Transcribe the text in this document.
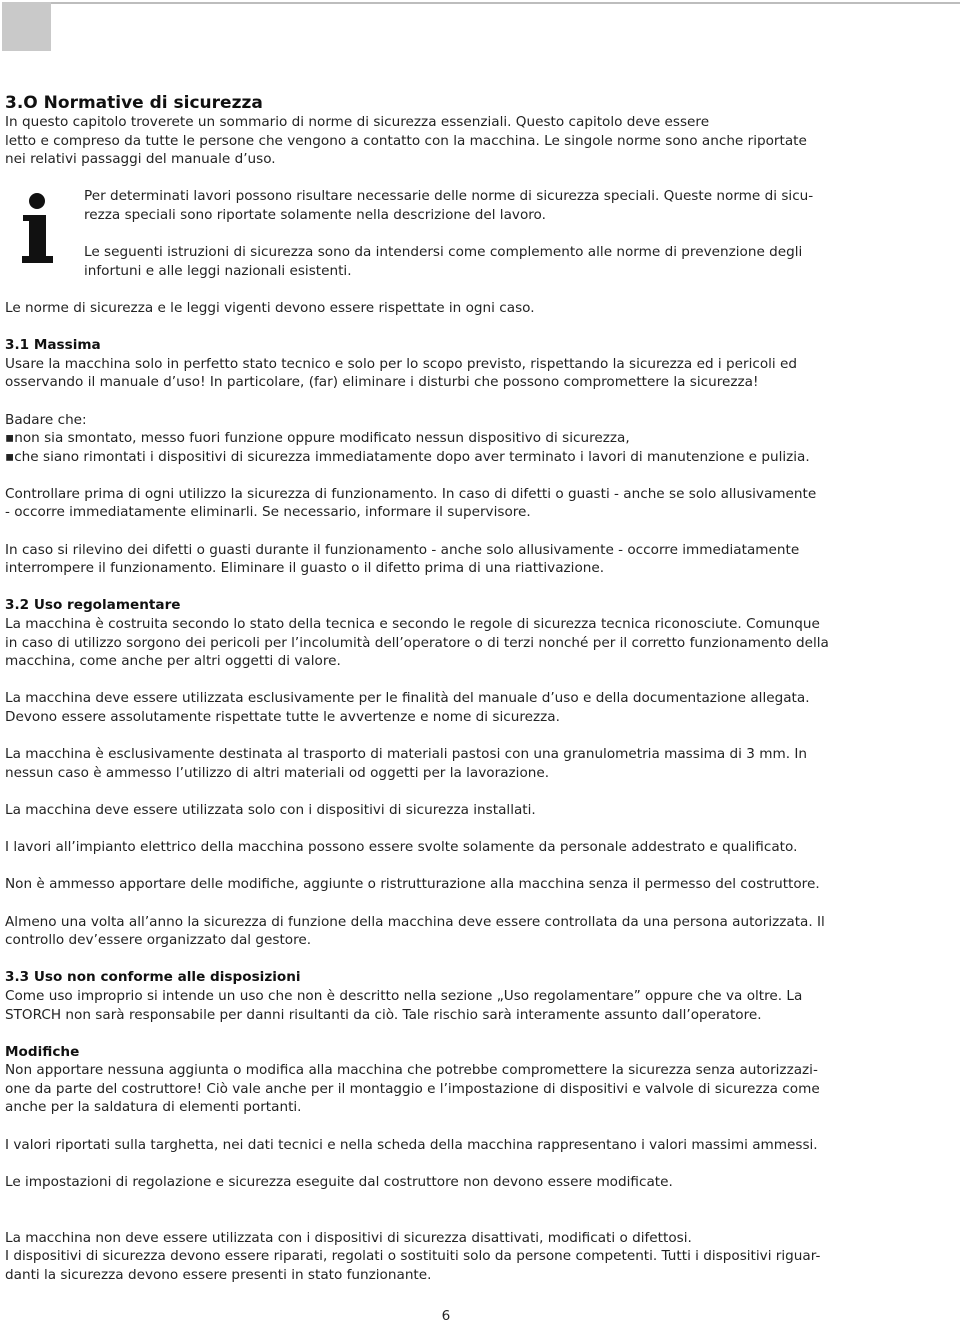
3.O Normative di sicurezza

In questo capitolo troverete un sommario di norme di sicurezza essenziali. Questo capitolo deve essere

letto e compreso da tutte le persone che vengono a contatto con la macchina. Le singole norme sono anche riportate

nei relativi passaggi del manuale d’uso.

Per determinati lavori possono risultare necessarie delle norme di sicurezza speciali. Queste norme di sicu-

rezza speciali sono riportate solamente nella descrizione del lavoro.

Le seguenti istruzioni di sicurezza sono da intendersi come complemento alle norme di prevenzione degli

infortuni e alle leggi nazionali esistenti.

Le norme di sicurezza e le leggi vigenti devono essere rispettate in ogni caso.

3.1 Massima

Usare la macchina solo in perfetto stato tecnico e solo per lo scopo previsto, rispettando la sicurezza ed i pericoli ed

osservando il manuale d’uso! In particolare, (far) eliminare i disturbi che possono compromettere la sicurezza!

Badare che:

▪non sia smontato, messo fuori funzione oppure modificato nessun dispositivo di sicurezza,

▪che siano rimontati i dispositivi di sicurezza immediatamente dopo aver terminato i lavori di manutenzione e pulizia.

Controllare prima di ogni utilizzo la sicurezza di funzionamento. In caso di difetti o guasti - anche se solo allusivamente

- occorre immediatamente eliminarli. Se necessario, informare il supervisore.

In caso si rilevino dei difetti o guasti durante il funzionamento - anche solo allusivamente - occorre immediatamente

interrompere il funzionamento. Eliminare il guasto o il difetto prima di una riattivazione.

3.2 Uso regolamentare

La macchina è costruita secondo lo stato della tecnica e secondo le regole di sicurezza tecnica riconosciute. Comunque

in caso di utilizzo sorgono dei pericoli per l’incolumità dell’operatore o di terzi nonché per il corretto funzionamento della

macchina, come anche per altri oggetti di valore.

La macchina deve essere utilizzata esclusivamente per le finalità del manuale d’uso e della documentazione allegata.

Devono essere assolutamente rispettate tutte le avvertenze e nome di sicurezza.

La macchina è esclusivamente destinata al trasporto di materiali pastosi con una granulometria massima di 3 mm. In

nessun caso è ammesso l’utilizzo di altri materiali od oggetti per la lavorazione.

La macchina deve essere utilizzata solo con i dispositivi di sicurezza installati.

I lavori all’impianto elettrico della macchina possono essere svolte solamente da personale addestrato e qualificato.

Non è ammesso apportare delle modifiche, aggiunte o ristrutturazione alla macchina senza il permesso del costruttore.

Almeno una volta all’anno la sicurezza di funzione della macchina deve essere controllata da una persona autorizzata. Il

controllo dev’essere organizzato dal gestore.

3.3 Uso non conforme alle disposizioni

Come uso improprio si intende un uso che non è descritto nella sezione „Uso regolamentare” oppure che va oltre. La

STORCH non sarà responsabile per danni risultanti da ciò. Tale rischio sarà interamente assunto dall’operatore.

Modifiche

Non apportare nessuna aggiunta o modifica alla macchina che potrebbe compromettere la sicurezza senza autorizzazi-

one da parte del costruttore! Ciò vale anche per il montaggio e l’impostazione di dispositivi e valvole di sicurezza come

anche per la saldatura di elementi portanti.

I valori riportati sulla targhetta, nei dati tecnici e nella scheda della macchina rappresentano i valori massimi ammessi.

Le impostazioni di regolazione e sicurezza eseguite dal costruttore non devono essere modificate.

La macchina non deve essere utilizzata con i dispositivi di sicurezza disattivati, modificati o difettosi.

I dispositivi di sicurezza devono essere riparati, regolati o sostituiti solo da persone competenti. Tutti i dispositivi riguar-

danti la sicurezza devono essere presenti in stato funzionante.

6
